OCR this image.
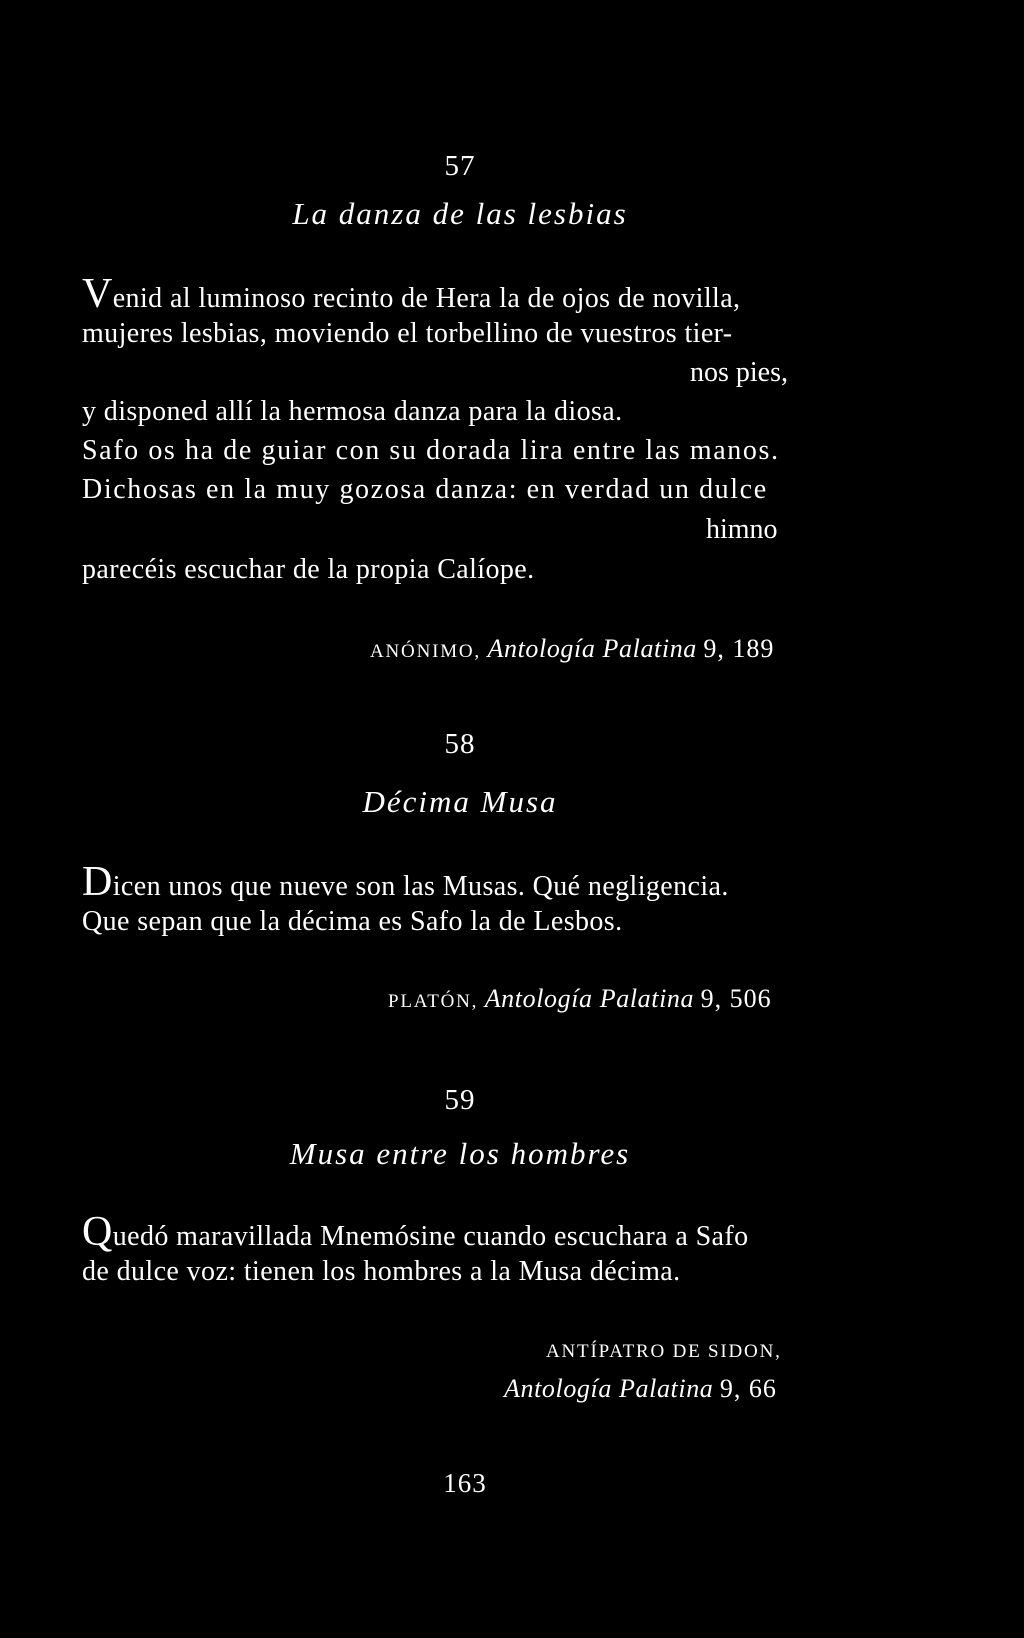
57
La danza de las lesbias
Venid al luminoso recinto de Hera la de ojos de novilla,
mujeres lesbias, moviendo el torbellino de vuestros tier-
nos pies,
y disponed allí la hermosa danza para la diosa.
Safo os ha de guiar con su dorada lira entre las manos.
Dichosas en la muy gozosa danza: en verdad un dulce
himno
parecéis escuchar de la propia Calíope.
ANÓNIMO, Antología Palatina 9, 189
58
Décima Musa
Dicen unos que nueve son las Musas. Qué negligencia.
Que sepan que la décima es Safo la de Lesbos.
PLATÓN, Antología Palatina 9, 506
59
Musa entre los hombres
Quedó maravillada Mnemósine cuando escuchara a Safo
de dulce voz: tienen los hombres a la Musa décima.
ANTÍPATRO DE SIDON,
Antología Palatina 9, 66
163
